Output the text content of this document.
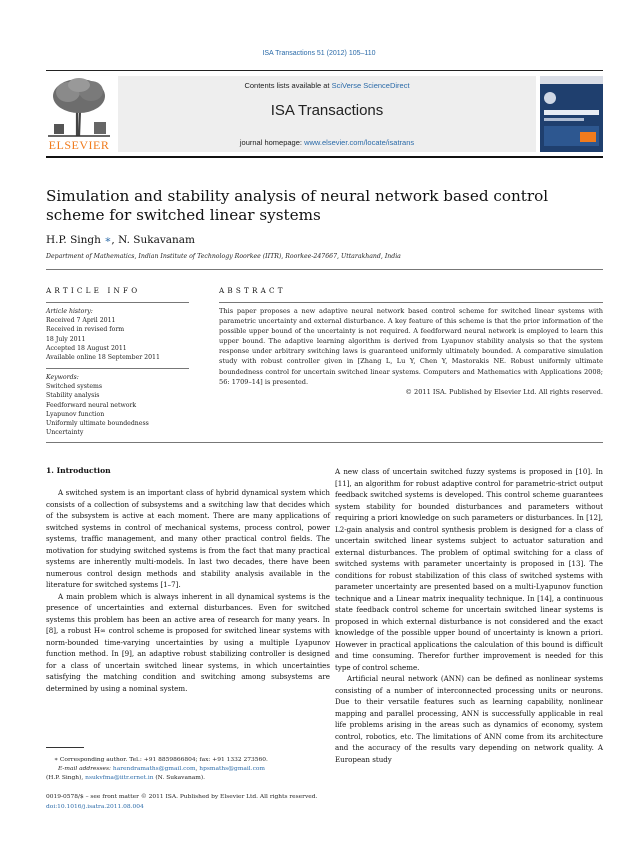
ISA Transactions 51 (2012) 105–110
ELSEVIER
Contents lists available at SciVerse ScienceDirect
ISA Transactions
journal homepage: www.elsevier.com/locate/isatrans
Simulation and stability analysis of neural network based control scheme for switched linear systems
H.P. Singh ∗, N. Sukavanam
Department of Mathematics, Indian Institute of Technology Roorkee (IITR), Roorkee-247667, Uttarakhand, India
ARTICLE INFO
Article history:
Received 7 April 2011
Received in revised form
18 July 2011
Accepted 18 August 2011
Available online 18 September 2011
Keywords:
Switched systems
Stability analysis
Feedforward neural network
Lyapunov function
Uniformly ultimate boundedness
Uncertainty
ABSTRACT
This paper proposes a new adaptive neural network based control scheme for switched linear systems with parametric uncertainty and external disturbance. A key feature of this scheme is that the prior information of the possible upper bound of the uncertainty is not required. A feedforward neural network is employed to learn this upper bound. The adaptive learning algorithm is derived from Lyapunov stability analysis so that the system response under arbitrary switching laws is guaranteed uniformly ultimately bounded. A comparative simulation study with robust controller given in [Zhang L, Lu Y, Chen Y, Mastorakis NE. Robust uniformly ultimate boundedness control for uncertain switched linear systems. Computers and Mathematics with Applications 2008; 56: 1709–14] is presented.
© 2011 ISA. Published by Elsevier Ltd. All rights reserved.
1. Introduction

A switched system is an important class of hybrid dynamical system which consists of a collection of subsystems and a switching law that decides which of the subsystem is active at each moment. There are many applications of switched systems in control of mechanical systems, process control, power systems, traffic management, and many other practical control fields. The motivation for studying switched systems is from the fact that many practical systems are inherently multi-models. In last two decades, there have been numerous control design methods and stability analysis available in the literature for switched systems [1–7].

A main problem which is always inherent in all dynamical systems is the presence of uncertainties and external disturbances. Even for switched systems this problem has been an active area of research for many years. In [8], a robust H∞ control scheme is proposed for switched linear systems with norm-bounded time-varying uncertainties by using a multiple Lyapunov function method. In [9], an adaptive robust stabilizing controller is designed for a class of uncertain switched linear systems, in which uncertainties satisfying the matching condition and switching among subsystems are determined by using a nominal system.

A new class of uncertain switched fuzzy systems is proposed in [10]. In [11], an algorithm for robust adaptive control for parametric-strict output feedback switched systems is developed. This control scheme guarantees system stability for bounded disturbances and parameters without requiring a priori knowledge on such parameters or disturbances. In [12], L2-gain analysis and control synthesis problem is designed for a class of uncertain switched linear systems subject to actuator saturation and external disturbances. The problem of optimal switching for a class of switched systems with parameter uncertainty is proposed in [13]. The conditions for robust stabilization of this class of switched systems with parameter uncertainty are presented based on a multi-Lyapunov function technique and a Linear matrix inequality technique. In [14], a continuous state feedback control scheme for uncertain switched linear systems is proposed in which external disturbance is not considered and the exact knowledge of the possible upper bound of uncertainty is known a priori. However in practical applications the calculation of this bound is difficult and time consuming. Therefor further improvement is needed for this type of control scheme.

Artificial neural network (ANN) can be defined as nonlinear systems consisting of a number of interconnected processing units or neurons. Due to their versatile features such as learning capability, nonlinear mapping and parallel processing, ANN is successfully applicable in real life problems arising in the areas such as dynamics of economy, system control, robotics, etc. The limitations of ANN come from its architecture and the accuracy of the results vary depending on network quality. A European study

∗ Corresponding author. Tel.: +91 8859866804; fax: +91 1332 273560.
E-mail addresses: harendramaths@gmail.com, hpsmaths@gmail.com
(H.P. Singh), nsukvfma@iitr.ernet.in (N. Sukavanam).
0019-0578/$ – see front matter © 2011 ISA. Published by Elsevier Ltd. All rights reserved.
doi:10.1016/j.isatra.2011.08.004
